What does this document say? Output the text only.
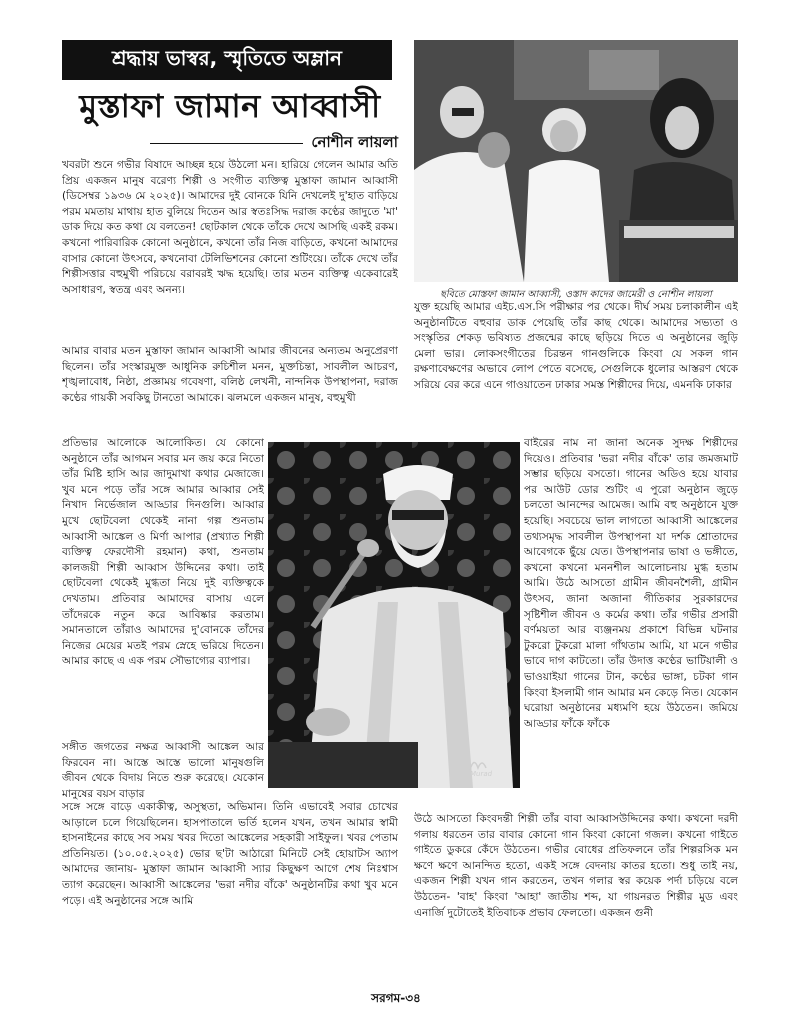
শ্রদ্ধায় ভাস্বর, স্মৃতিতে অম্লান
মুস্তাফা জামান আব্বাসী
নোশীন লায়লা
ছবিতে মোস্তফা জামান আব্বাসী, ওস্তাদ কাদের জামেরী ও নোশীন লায়লা
Murad
খবরটা শুনে গভীর বিষাদে আচ্ছন্ন হয়ে উঠলো মন। হারিয়ে গেলেন আমার অতি প্রিয় একজন মানুষ বরেণ্য শিল্পী ও সংগীত ব্যক্তিত্ব মুস্তাফা জামান আব্বাসী (ডিসেম্বর ১৯৩৬ মে ২০২৫)। আমাদের দুই বোনকে যিনি দেখলেই দু'হাত বাড়িয়ে পরম মমতায় মাথায় হাত বুলিয়ে দিতেন আর স্বতঃসিদ্ধ দরাজ কণ্ঠের জাদুতে 'মা' ডাক দিয়ে কত কথা যে বলতেন! ছোটকাল থেকে তাঁকে দেখে আসছি একই রকম। কখনো পারিবারিক কোনো অনুষ্ঠানে, কখনো তাঁর নিজ বাড়িতে, কখনো আমাদের বাসার কোনো উৎসবে, কখনোবা টেলিভিশনের কোনো শুটিংয়ে। তাঁকে দেখে তাঁর শিল্পীসত্তার বহুমুখী পরিচয়ে বরাবরই ঋদ্ধ হয়েছি। তার মতন ব্যক্তিত্ব একেবারেই অসাধারণ, স্বতন্ত্র এবং অনন্য।
আমার বাবার মতন মুস্তাফা জামান আব্বাসী আমার জীবনের অন্যতম অনুপ্রেরণা ছিলেন। তাঁর সংস্কারমুক্ত আধুনিক রুচিশীল মনন, মুক্তচিন্তা, সাবলীল আচরণ, শৃঙ্খলাবোধ, নিষ্ঠা, প্রজ্ঞাময় গবেষণা, বলিষ্ঠ লেখনী, নান্দনিক উপস্থাপনা, দরাজ কণ্ঠের গায়কী সবকিছু টানতো আমাকে। ঝলমলে একজন মানুষ, বহুমুখী
প্রতিভার আলোকে আলোকিত। যে কোনো অনুষ্ঠানে তাঁর আগমন সবার মন জয় করে নিতো তাঁর মিষ্টি হাসি আর জাদুমাখা কথার মেজাজে। খুব মনে পড়ে তাঁর সঙ্গে আমার আব্বার সেই নিখাদ নির্ভেজাল আড্ডার দিনগুলি। আব্বার মুখে ছোটবেলা থেকেই নানা গল্প শুনতাম আব্বাসী আঙ্কেল ও মির্ণা আপার (প্রখ্যাত শিল্পী ব্যক্তিত্ব ফেরদৌসী রহমান) কথা, শুনতাম কালজয়ী শিল্পী আব্বাস উদ্দিনের কথা। তাই ছোটবেলা থেকেই মুগ্ধতা নিয়ে দুই ব্যক্তিত্বকে দেখতাম। প্রতিবার আমাদের বাসায় এলে তাঁদেরকে নতুন করে আবিষ্কার করতাম। সমানতালে তাঁরাও আমাদের দু'বোনকে তাঁদের নিজের মেয়ের মতই পরম স্নেহে ভরিয়ে দিতেন। আমার কাছে এ এক পরম সৌভাগ্যের ব্যাপার।
সঙ্গীত জগতের নক্ষত্র আব্বাসী আঙ্কেল আর ফিরবেন না। আস্তে আস্তে ভালো মানুষগুলি জীবন থেকে বিদায় নিতে শুরু করেছে। যেকোন মানুষের বয়স বাড়ার
সঙ্গে সঙ্গে বাড়ে একাকীত্ব, অসুস্থতা, অভিমান। তিনি এভাবেই সবার চোখের আড়ালে চলে গিয়েছিলেন। হাসপাতালে ভর্তি হলেন যখন, তখন আমার স্বামী হাসনাইনের কাছে সব সময় খবর দিতো আঙ্কেলের সহকারী সাইফুল। খবর পেতাম প্রতিনিয়ত। (১০.০৫.২০২৫) ভোর ছ'টা আঠারো মিনিটে সেই হোয়াটস অ্যাপ আমাদের জানায়- মুস্তাফা জামান আব্বাসী স্যার কিছুক্ষণ আগে শেষ নিঃশ্বাস ত্যাগ করেছেন। আব্বাসী আঙ্কেলের 'ভরা নদীর বাঁকে' অনুষ্ঠানটির কথা খুব মনে পড়ে। এই অনুষ্ঠানের সঙ্গে আমি
যুক্ত হয়েছি আমার এইচ.এস.সি পরীক্ষার পর থেকে। দীর্ঘ সময় চলাকালীন এই অনুষ্ঠানটিতে বহুবার ডাক পেয়েছি তাঁর কাছ থেকে। আমাদের সভ্যতা ও সংস্কৃতির শেকড় ভবিষ্যত প্রজন্মের কাছে ছড়িয়ে দিতে এ অনুষ্ঠানের জুড়ি মেলা ভার। লোকসংগীতের চিরন্তন গানগুলিকে কিংবা যে সকল গান রক্ষণাবেক্ষণের অভাবে লোপ পেতে বসেছে, সেগুলিকে ধুলোর আস্তরণ থেকে সরিয়ে বের করে এনে গাওয়াতেন ঢাকার সমস্ত শিল্পীদের দিয়ে, এমনকি ঢাকার
বাইরের নাম না জানা অনেক সুদক্ষ শিল্পীদের দিয়েও। প্রতিবার 'ভরা নদীর বাঁকে' তার জমজমাট সম্ভার ছড়িয়ে বসতো। গানের অডিও হয়ে যাবার পর আউট ডোর শুটিং এ পুরো অনুষ্ঠান জুড়ে চলতো আনন্দের আমেজ। আমি বহু অনুষ্ঠানে যুক্ত হয়েছি। সবচেয়ে ভাল লাগতো আব্বাসী আঙ্কেলের তথ্যসমৃদ্ধ সাবলীল উপস্থাপনা যা দর্শক শ্রোতাদের আবেগকে ছুঁয়ে যেত। উপস্থাপনার ভাষা ও ভঙ্গীতে, কখনো কখনো মননশীল আলোচনায় মুগ্ধ হতাম আমি। উঠে আসতো গ্রামীন জীবনশৈলী, গ্রামীন উৎসব, জানা অজানা গীতিকার সুরকারদের সৃষ্টিশীল জীবন ও কর্মের কথা। তাঁর গভীর প্রসারী বর্ণময়তা আর ব্যঞ্জনময় প্রকাশে বিভিন্ন ঘটনার টুকরো টুকরো মালা গাঁথতাম আমি, যা মনে গভীর ভাবে দাগ কাটতো। তাঁর উদাত্ত কণ্ঠের ভাটিয়ালী ও ভাওয়াইয়া গানের টান, কণ্ঠের ভাঙ্গা, চটকা গান কিংবা ইসলামী গান আমার মন কেড়ে নিত। যেকোন ঘরোয়া অনুষ্ঠানের মধ্যমণি হয়ে উঠতেন। জমিয়ে আড্ডার ফাঁকে ফাঁকে
উঠে আসতো কিংবদন্তী শিল্পী তাঁর বাবা আব্বাসউদ্দিনের কথা। কখনো দরদী গলায় ধরতেন তার বাবার কোনো গান কিংবা কোনো গজল। কখনো গাইতে গাইতে ডুকরে কেঁদে উঠতেন। গভীর বোধের প্রতিফলনে তাঁর শিল্পরসিক মন ক্ষণে ক্ষণে আনন্দিত হতো, একই সঙ্গে বেদনায় কাতর হতো। শুধু তাই নয়, একজন শিল্পী যখন গান করতেন, তখন গলার স্বর কয়েক পর্দা চড়িয়ে বলে উঠতেন- 'বাহ' কিংবা 'আহা' জাতীয় শব্দ, যা গায়নরত শিল্পীর মুড এবং এনার্জি দুটোতেই ইতিবাচক প্রভাব ফেলতো। একজন গুনী
সরগম-৩৪
